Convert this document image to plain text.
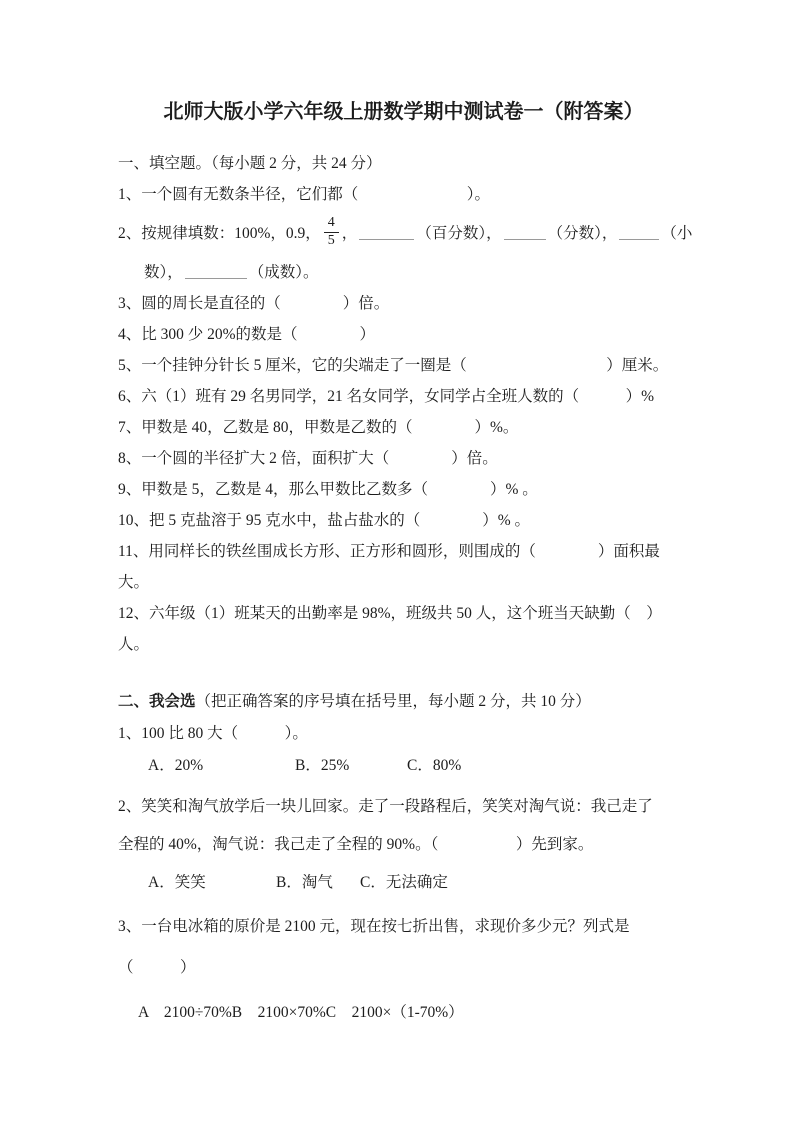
北师大版小学六年级上册数学期中测试卷一（附答案）
一、填空题。（每小题 2 分，共 24 分）
1、一个圆有无数条半径，它们都（　　　　　　　）。
2、按规律填数：100%，0.9， $\frac{4}{5}$ ，	（百分数），	（分数），	（小
数），	（成数）。
3、圆的周长是直径的（　　　　）倍。
4、比 300 少 20%的数是（　　　　）
5、一个挂钟分针长 5 厘米，它的尖端走了一圈是（　　　　　　　　　）厘米。
6、六（1）班有 29 名男同学，21 名女同学，女同学占全班人数的（　　　）%
7、甲数是 40，乙数是 80，甲数是乙数的（　　　　）%。
8、一个圆的半径扩大 2 倍，面积扩大（　　　　）倍。
9、甲数是 5，乙数是 4，那么甲数比乙数多（　　　　）% 。
10、把 5 克盐溶于 95 克水中，盐占盐水的（　　　　）% 。
11、用同样长的铁丝围成长方形、正方形和圆形，则围成的（　　　　）面积最
大。
12、六年级（1）班某天的出勤率是 98%，班级共 50 人，这个班当天缺勤（　）
人。
二、我会选（把正确答案的序号填在括号里，每小题 2 分，共 10 分）
1、100 比 80 大（　　　）。
A．20%	B．25%	C．80%
2、笑笑和淘气放学后一块儿回家。走了一段路程后，笑笑对淘气说：我己走了
全程的 40%，淘气说：我己走了全程的 90%。（　　　　　）先到家。
A．笑笑	B．淘气 C．无法确定
3、一台电冰箱的原价是 2100 元，现在按七折出售，求现价多少元？列式是
（　　　）
A　2100÷70%B　2100×70%C　2100×（1-70%）
